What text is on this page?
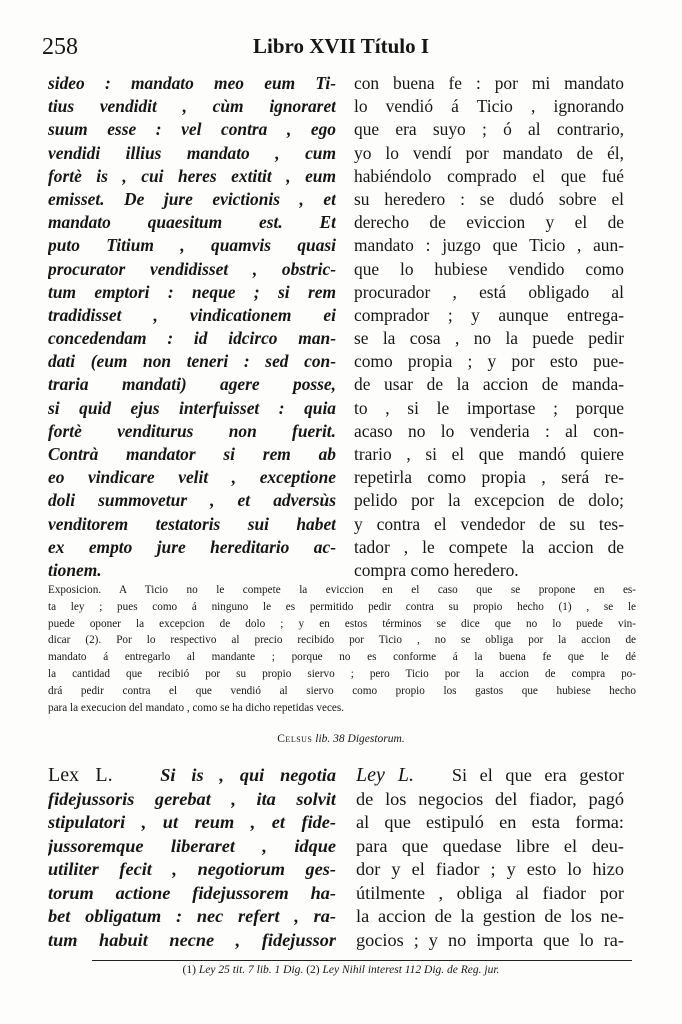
258	Libro XVII Título I
sideo : mandato meo eum Ti-
tius vendidit , cùm ignoraret
suum esse : vel contra , ego
vendidi illius mandato , cum
fortè is , cui heres extitit , eum
emisset. De jure evictionis , et
mandato quaesitum est. Et
puto Titium , quamvis quasi
procurator vendidisset , obstric-
tum emptori : neque ; si rem
tradidisset , vindicationem ei
concedendam : id idcirco man-
dati (eum non teneri : sed con-
traria mandati) agere posse,
si quid ejus interfuisset : quia
fortè venditurus non fuerit.
Contrà mandator si rem ab
eo vindicare velit , exceptione
doli summovetur , et adversùs
venditorem testatoris sui habet
ex empto jure hereditario ac-
tionem.
con buena fe : por mi mandato
lo vendió á Ticio , ignorando
que era suyo ; ó al contrario,
yo lo vendí por mandato de él,
habiéndolo comprado el que fué
su heredero : se dudó sobre el
derecho de eviccion y el de
mandato : juzgo que Ticio , aun-
que lo hubiese vendido como
procurador , está obligado al
comprador ; y aunque entrega-
se la cosa , no la puede pedir
como propia ; y por esto pue-
de usar de la accion de manda-
to , si le importase ; porque
acaso no lo venderia : al con-
trario , si el que mandó quiere
repetirla como propia , será re-
pelido por la excepcion de dolo;
y contra el vendedor de su tes-
tador , le compete la accion de
compra como heredero.
Exposicion. A Ticio no le compete la eviccion en el caso que se propone en es-
ta ley ; pues como á ninguno le es permitido pedir contra su propio hecho (1) , se le
puede oponer la excepcion de dolo ; y en estos términos se dice que no lo puede vin-
dicar (2). Por lo respectivo al precio recibido por Ticio , no se obliga por la accion de
mandato á entregarlo al mandante ; porque no es conforme á la buena fe que le dé
la cantidad que recibió por su propio siervo ; pero Ticio por la accion de compra po-
drá pedir contra el que vendió al siervo como propio los gastos que hubiese hecho
para la execucion del mandato , como se ha dicho repetidas veces.
Celsus lib. 38 Digestorum.
Lex L.	Si is , qui negotia
fidejussoris gerebat , ita solvit
stipulatori , ut reum , et fide-
jussoremque liberaret , idque
utiliter fecit , negotiorum ges-
torum actione fidejussorem ha-
bet obligatum : nec refert , ra-
tum habuit necne , fidejussor
Ley L. Si el que era gestor
de los negocios del fiador, pagó
al que estipuló en esta forma:
para que quedase libre el deu-
dor y el fiador ; y esto lo hizo
útilmente , obliga al fiador por
la accion de la gestion de los ne-
gocios ; y no importa que lo ra-
(1) Ley 25 tit. 7 lib. 1 Dig. (2) Ley Nihil interest 112 Dig. de Reg. jur.
